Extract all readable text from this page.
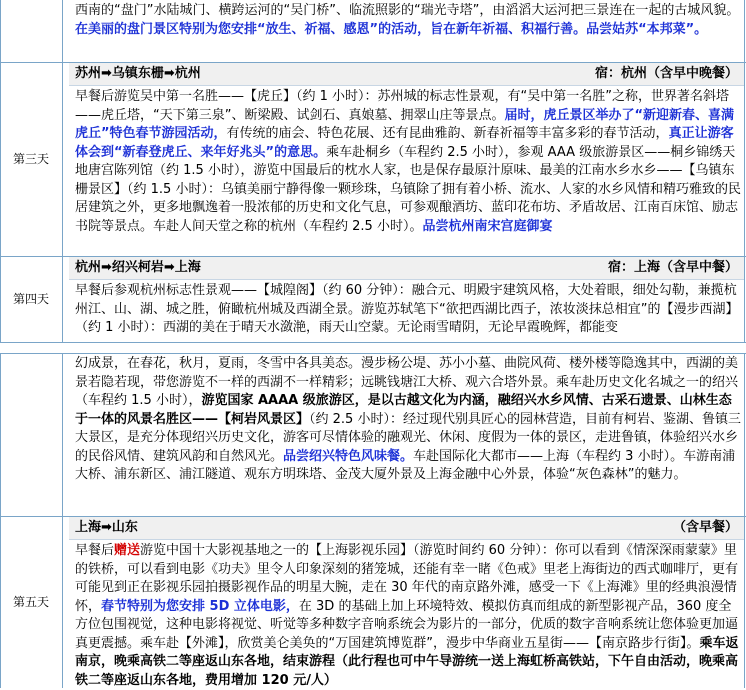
西南的“盘门”水陆城门、横跨运河的“吴门桥”、临流照影的“瑞光寺塔”，由滔滔大运河把三景连在一起的古城风貌。在美丽的盘门景区特别为您安排“放生、祈福、感恩”的活动，旨在新年祈福、积福行善。品尝姑苏“本邦菜”。
第三天
苏州➡乌镇东栅➡杭州	宿：杭州（含早中晚餐）
早餐后游览吴中第一名胜——【虎丘】（约 1 小时）：苏州城的标志性景观，有“吴中第一名胜”之称，世界著名斜塔——虎丘塔，“天下第三泉”、断梁殿、试剑石、真娘墓、拥翠山庄等景点。届时，虎丘景区举办了“新迎新春、喜满虎丘”特色春节游园活动，有传统的庙会、特色花展、还有昆曲雅韵、新春祈福等丰富多彩的春节活动，真正让游客体会到“新春登虎丘、来年好兆头”的意思。乘车赴桐乡（车程约 2.5 小时），参观 AAA 级旅游景区——桐乡锦绣天地唐宫陈列馆（约 1.5 小时），游览中国最后的枕水人家，也是保存最原汁原味、最美的江南水乡水乡——【乌镇东栅景区】（约 1.5 小时）：乌镇美丽宁静得像一颗珍珠，乌镇除了拥有着小桥、流水、人家的水乡风情和精巧雅致的民居建筑之外，更多地飘逸着一股浓郁的历史和文化气息，可参观酿酒坊、蓝印花布坊、矛盾故居、江南百床馆、励志书院等景点。车赴人间天堂之称的杭州（车程约 2.5 小时）。品尝杭州南宋宫庭御宴
第四天
杭州➡绍兴柯岩➡上海	宿：上海（含早中餐）
早餐后参观杭州标志性景观——【城隍阁】（约 60 分钟）：融合元、明殿宇建筑风格，大处着眼，细处勾勒，兼揽杭州江、山、湖、城之胜，俯瞰杭州城及西湖全景。游览苏轼笔下“欲把西湖比西子，浓妆淡抹总相宜”的【漫步西湖】（约 1 小时）：西湖的美在于晴天水潋滟，雨天山空蒙。无论雨雪晴阴，无论早霞晚辉，都能变
幻成景，在春花，秋月，夏雨，冬雪中各具美态。漫步杨公堤、苏小小墓、曲院风荷、楼外楼等隐逸其中，西湖的美景若隐若现，带您游览不一样的西湖不一样精彩；远眺钱塘江大桥、观六合塔外景。乘车赴历史文化名城之一的绍兴（车程约 1.5 小时），游览国家 AAAA 级旅游区，是以古越文化为内涵，融绍兴水乡风情、古采石遗景、山林生态于一体的风景名胜区——【柯岩风景区】（约 2.5 小时）：经过现代别具匠心的园林营造，目前有柯岩、鉴湖、鲁镇三大景区，是充分体现绍兴历史文化，游客可尽情体验的融观光、休闲、度假为一体的景区，走进鲁镇，体验绍兴水乡的民俗风情、建筑风韵和自然风光。品尝绍兴特色风味餐。车赴国际化大都市——上海（车程约 3 小时）。车游南浦大桥、浦东新区、浦江隧道、观东方明珠塔、金茂大厦外景及上海金融中心外景，体验“灰色森林”的魅力。
第五天
上海➡山东	（含早餐）
早餐后赠送游览中国十大影视基地之一的【上海影视乐园】（游览时间约 60 分钟）：你可以看到《情深深雨蒙蒙》里的铁桥，可以看到电影《功夫》里令人印象深刻的猪笼城，还能有幸一睹《色戒》里老上海街边的西式咖啡厅，更有可能见到正在影视乐园拍摄影视作品的明星大腕，走在 30 年代的南京路外滩，感受一下《上海滩》里的经典浪漫情怀，春节特别为您安排 5D 立体电影，在 3D 的基础上加上环境特效、模拟仿真而组成的新型影视产品，360 度全方位包围视觉，这种电影将视觉、听觉等多种数字音响系统会为影片的一部分，优质的数字音响系统让您体验更加逼真更震撼。乘车赴【外滩】，欣赏美仑美奂的“万国建筑博览群”，漫步中华商业五星街——【南京路步行街】。乘车返南京，晚乘高铁二等座返山东各地，结束游程（此行程也可中午导游统一送上海虹桥高铁站，下午自由活动，晚乘高铁二等座返山东各地，费用增加 120 元/人）
